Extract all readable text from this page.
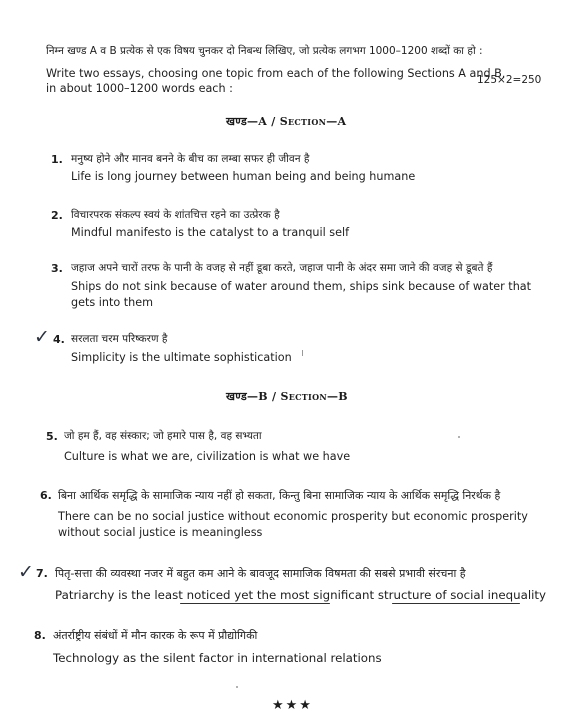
निम्न खण्ड A व B प्रत्येक से एक विषय चुनकर दो निबन्ध लिखिए, जो प्रत्येक लगभग 1000–1200 शब्दों का हो :
Write two essays, choosing one topic from each of the following Sections A and B,
in about 1000–1200 words each :
125×2=250
खण्ड—A / Section—A
1. मनुष्य होने और मानव बनने के बीच का लम्बा सफर ही जीवन है
Life is long journey between human being and being humane
2. विचारपरक संकल्प स्वयं के शांतचित्त रहने का उत्प्रेरक है
Mindful manifesto is the catalyst to a tranquil self
3. जहाज अपने चारों तरफ के पानी के वजह से नहीं डूबा करते, जहाज पानी के अंदर समा जाने की वजह से डूबते हैं
Ships do not sink because of water around them, ships sink because of water that
gets into them
✓ 4. सरलता चरम परिष्करण है
Simplicity is the ultimate sophistication
खण्ड—B / Section—B
5. जो हम हैं, वह संस्कार; जो हमारे पास है, वह सभ्यता
Culture is what we are, civilization is what we have
6. बिना आर्थिक समृद्धि के सामाजिक न्याय नहीं हो सकता, किन्तु बिना सामाजिक न्याय के आर्थिक समृद्धि निरर्थक है
There can be no social justice without economic prosperity but economic prosperity
without social justice is meaningless
✓ 7. पितृ-सत्ता की व्यवस्था नजर में बहुत कम आने के बावजूद सामाजिक विषमता की सबसे प्रभावी संरचना है
Patriarchy is the least noticed yet the most significant structure of social inequality
8. अंतर्राष्ट्रीय संबंधों में मौन कारक के रूप में प्रौद्योगिकी
Technology as the silent factor in international relations
★★★
